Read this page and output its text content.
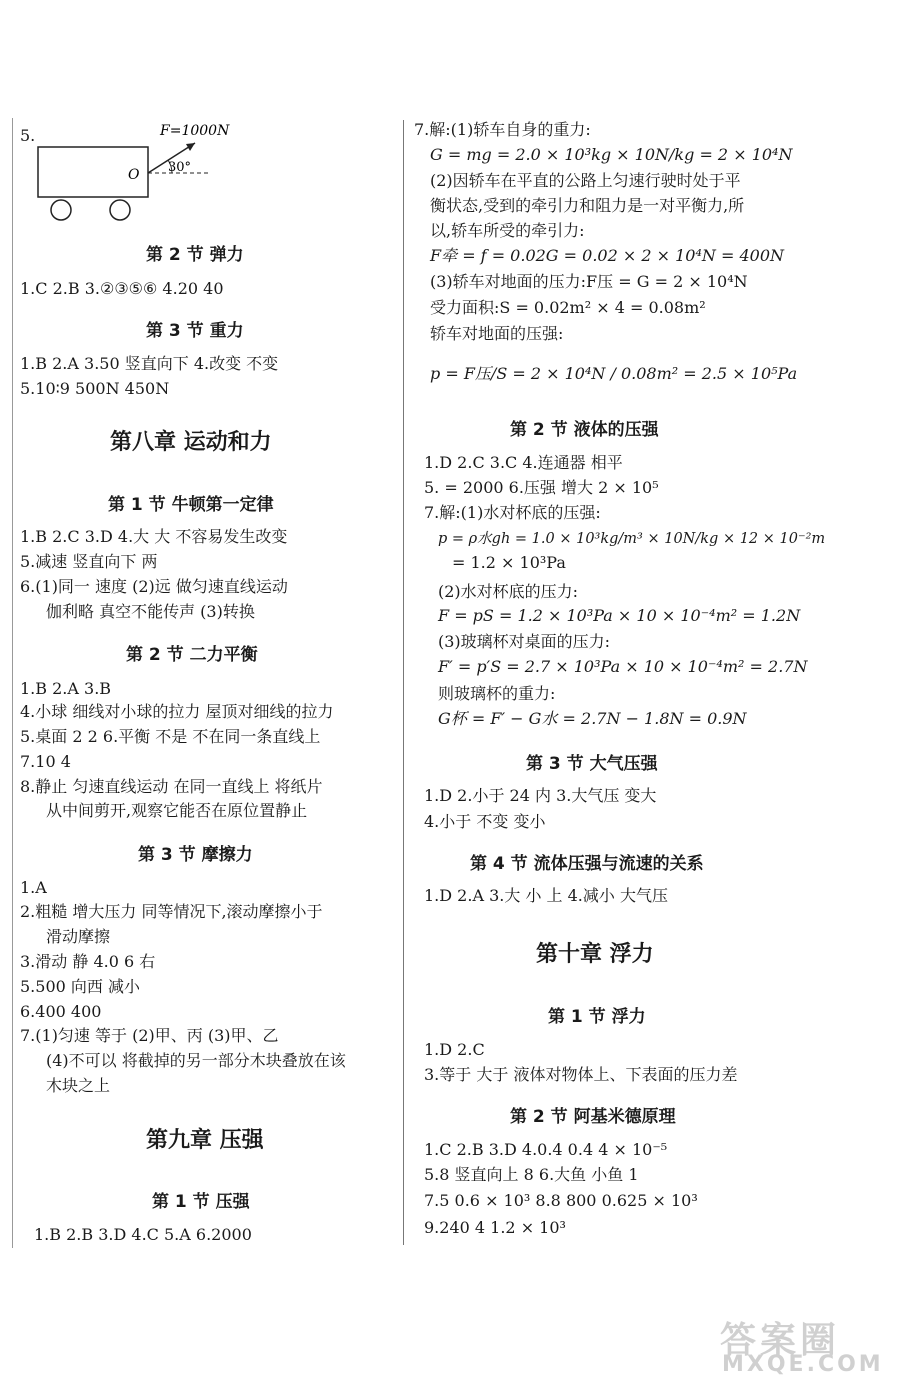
5.	F=1000N
O 30°
第 2 节 弹力
1.C 2.B 3.②③⑤⑥ 4.20 40
第 3 节 重力
1.B 2.A 3.50 竖直向下 4.改变 不变
5.10∶9 500N 450N
第八章 运动和力
第 1 节 牛顿第一定律
1.B 2.C 3.D 4.大 大 不容易发生改变
5.减速 竖直向下 两
6.(1)同一 速度 (2)远 做匀速直线运动
伽利略 真空不能传声 (3)转换
第 2 节 二力平衡
1.B 2.A 3.B
4.小球 细线对小球的拉力 屋顶对细线的拉力
5.桌面 2 2 6.平衡 不是 不在同一条直线上
7.10 4
8.静止 匀速直线运动 在同一直线上 将纸片
从中间剪开,观察它能否在原位置静止
第 3 节 摩擦力
1.A
2.粗糙 增大压力 同等情况下,滚动摩擦小于
滑动摩擦
3.滑动 静 4.0 6 右
5.500 向西 减小
6.400 400
7.(1)匀速 等于 (2)甲、丙 (3)甲、乙
(4)不可以 将截掉的另一部分木块叠放在该
木块之上
第九章 压强
第 1 节 压强
1.B 2.B 3.D 4.C 5.A 6.2000
7.解:(1)轿车自身的重力:
G = mg = 2.0 × 10³kg × 10N/kg = 2 × 10⁴N
(2)因轿车在平直的公路上匀速行驶时处于平
衡状态,受到的牵引力和阻力是一对平衡力,所
以,轿车所受的牵引力:
F牵 = f = 0.02G = 0.02 × 2 × 10⁴N = 400N
(3)轿车对地面的压力:F压 = G = 2 × 10⁴N
受力面积:S = 0.02m² × 4 = 0.08m²
轿车对地面的压强:
p = F压/S = 2 × 10⁴N / 0.08m² = 2.5 × 10⁵Pa
第 2 节 液体的压强
1.D 2.C 3.C 4.连通器 相平
5. = 2000 6.压强 增大 2 × 10⁵
7.解:(1)水对杯底的压强:
p = ρ水gh = 1.0 × 10³kg/m³ × 10N/kg × 12 × 10⁻²m
= 1.2 × 10³Pa
(2)水对杯底的压力:
F = pS = 1.2 × 10³Pa × 10 × 10⁻⁴m² = 1.2N
(3)玻璃杯对桌面的压力:
F′ = p′S = 2.7 × 10³Pa × 10 × 10⁻⁴m² = 2.7N
则玻璃杯的重力:
G杯 = F′ − G水 = 2.7N − 1.8N = 0.9N
第 3 节 大气压强
1.D 2.小于 24 内 3.大气压 变大
4.小于 不变 变小
第 4 节 流体压强与流速的关系
1.D 2.A 3.大 小 上 4.减小 大气压
第十章 浮力
第 1 节 浮力
1.D 2.C
3.等于 大于 液体对物体上、下表面的压力差
第 2 节 阿基米德原理
1.C 2.B 3.D 4.0.4 0.4 4 × 10⁻⁵
5.8 竖直向上 8 6.大鱼 小鱼 1
7.5 0.6 × 10³ 8.8 800 0.625 × 10³
9.240 4 1.2 × 10³
答案圈
MXQE.COM
